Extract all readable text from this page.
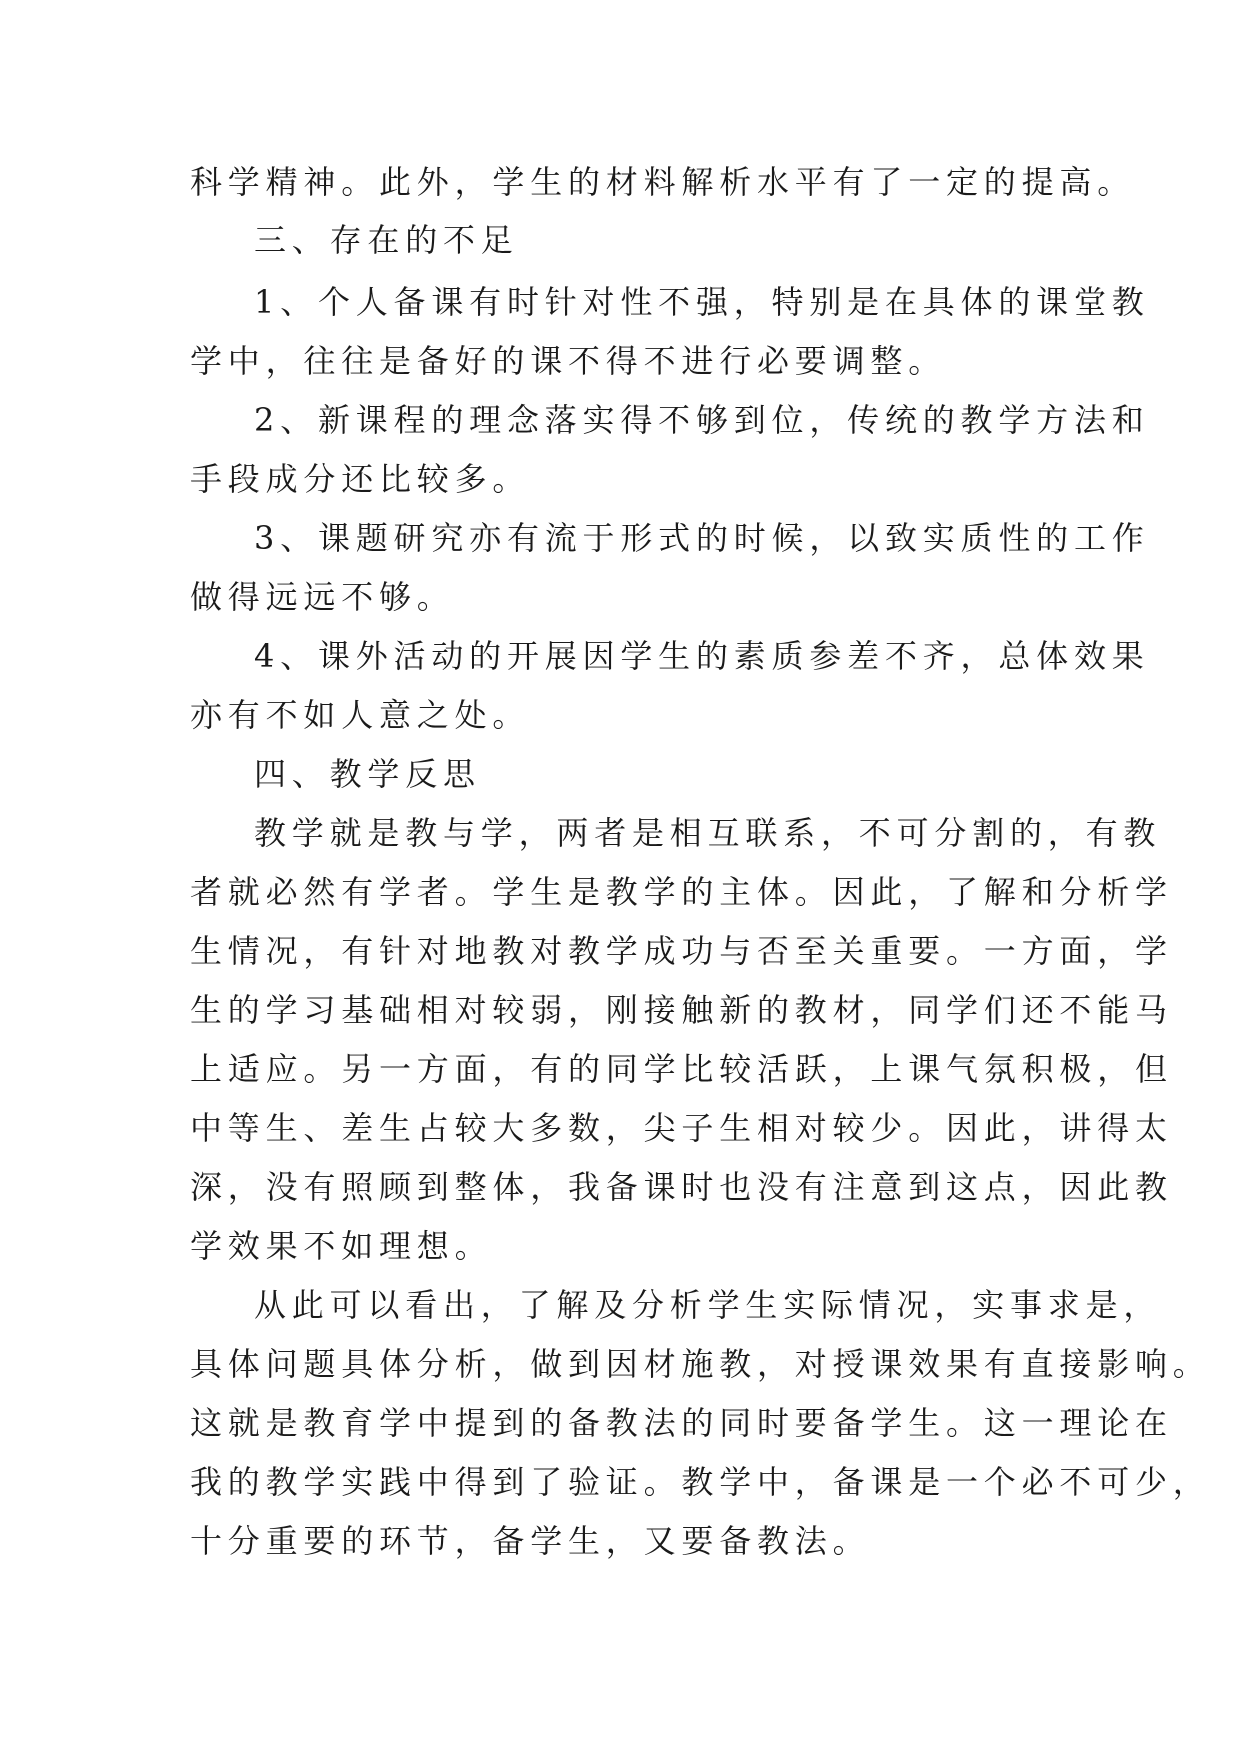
科学精神。此外，学生的材料解析水平有了一定的提高。

三、存在的不足

1、个人备课有时针对性不强，特别是在具体的课堂教

学中，往往是备好的课不得不进行必要调整。

2、新课程的理念落实得不够到位，传统的教学方法和

手段成分还比较多。

3、课题研究亦有流于形式的时候，以致实质性的工作

做得远远不够。

4、课外活动的开展因学生的素质参差不齐，总体效果

亦有不如人意之处。

四、教学反思

教学就是教与学，两者是相互联系，不可分割的，有教

者就必然有学者。学生是教学的主体。因此，了解和分析学

生情况，有针对地教对教学成功与否至关重要。一方面，学

生的学习基础相对较弱，刚接触新的教材，同学们还不能马

上适应。另一方面，有的同学比较活跃，上课气氛积极，但

中等生、差生占较大多数，尖子生相对较少。因此，讲得太

深，没有照顾到整体，我备课时也没有注意到这点，因此教

学效果不如理想。

从此可以看出，了解及分析学生实际情况，实事求是，

具体问题具体分析，做到因材施教，对授课效果有直接影响。

这就是教育学中提到的备教法的同时要备学生。这一理论在

我的教学实践中得到了验证。教学中，备课是一个必不可少，

十分重要的环节，备学生，又要备教法。
